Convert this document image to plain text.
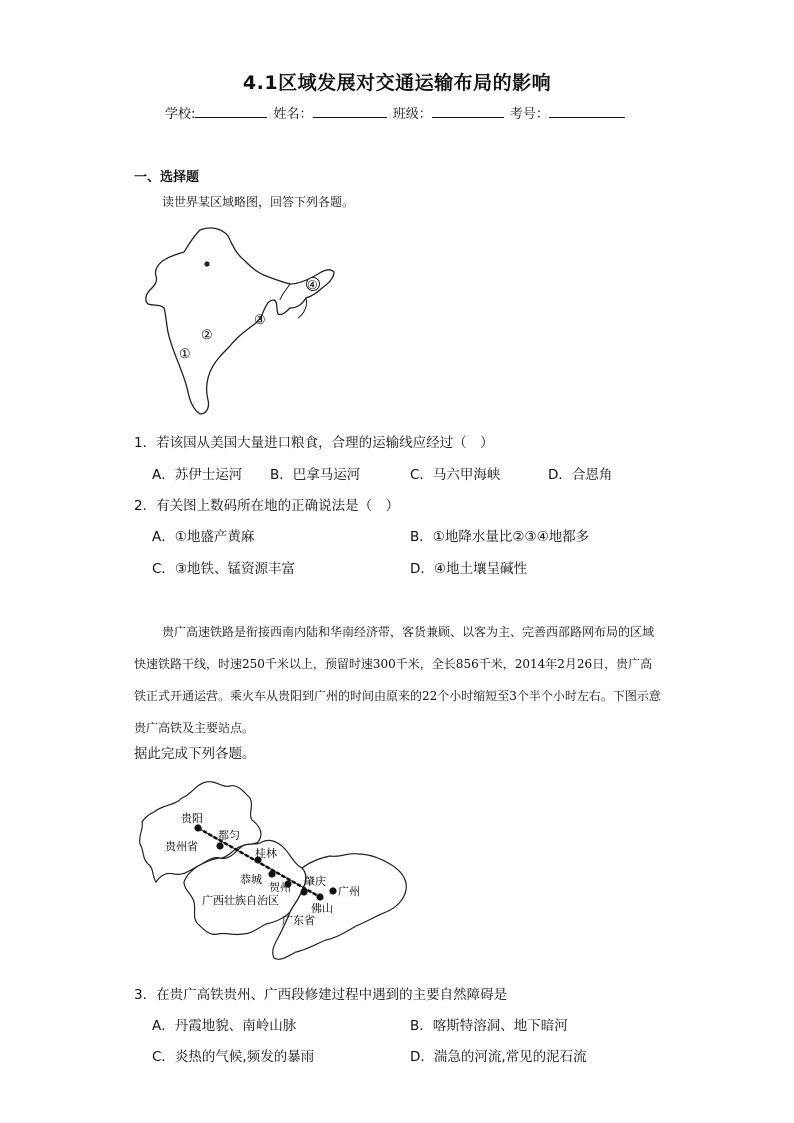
4.1区域发展对交通运输布局的影响
学校:	姓名：	班级：	考号：
一、选择题
读世界某区域略图，回答下列各题。
④
③
②
①
1．若该国从美国大量进口粮食，合理的运输线应经过（　）
A．苏伊士运河 B．巴拿马运河	C．马六甲海峡	D．合恩角
2．有关图上数码所在地的正确说法是（　）
A．①地盛产黄麻	B．①地降水量比②③④地都多
C．③地铁、锰资源丰富	D．④地土壤呈碱性
贵广高速铁路是衔接西南内陆和华南经济带，客货兼顾、以客为主、完善西部路网布局的区域快速铁路干线，时速250千米以上，预留时速300千米，全长856千米，2014年2月26日，贵广高铁正式开通运营。乘火车从贵阳到广州的时间由原来的22个小时缩短至3个半个小时左右。下图示意贵广高铁及主要站点。
据此完成下列各题。
贵阳
都匀
贵州省
桂林
恭城
贺州 肇庆
广州
佛山
广西壮族自治区
广东省
3．在贵广高铁贵州、广西段修建过程中遇到的主要自然障碍是
A．丹霞地貌、南岭山脉	B．喀斯特溶洞、地下暗河
C．炎热的气候,频发的暴雨	D．湍急的河流,常见的泥石流
